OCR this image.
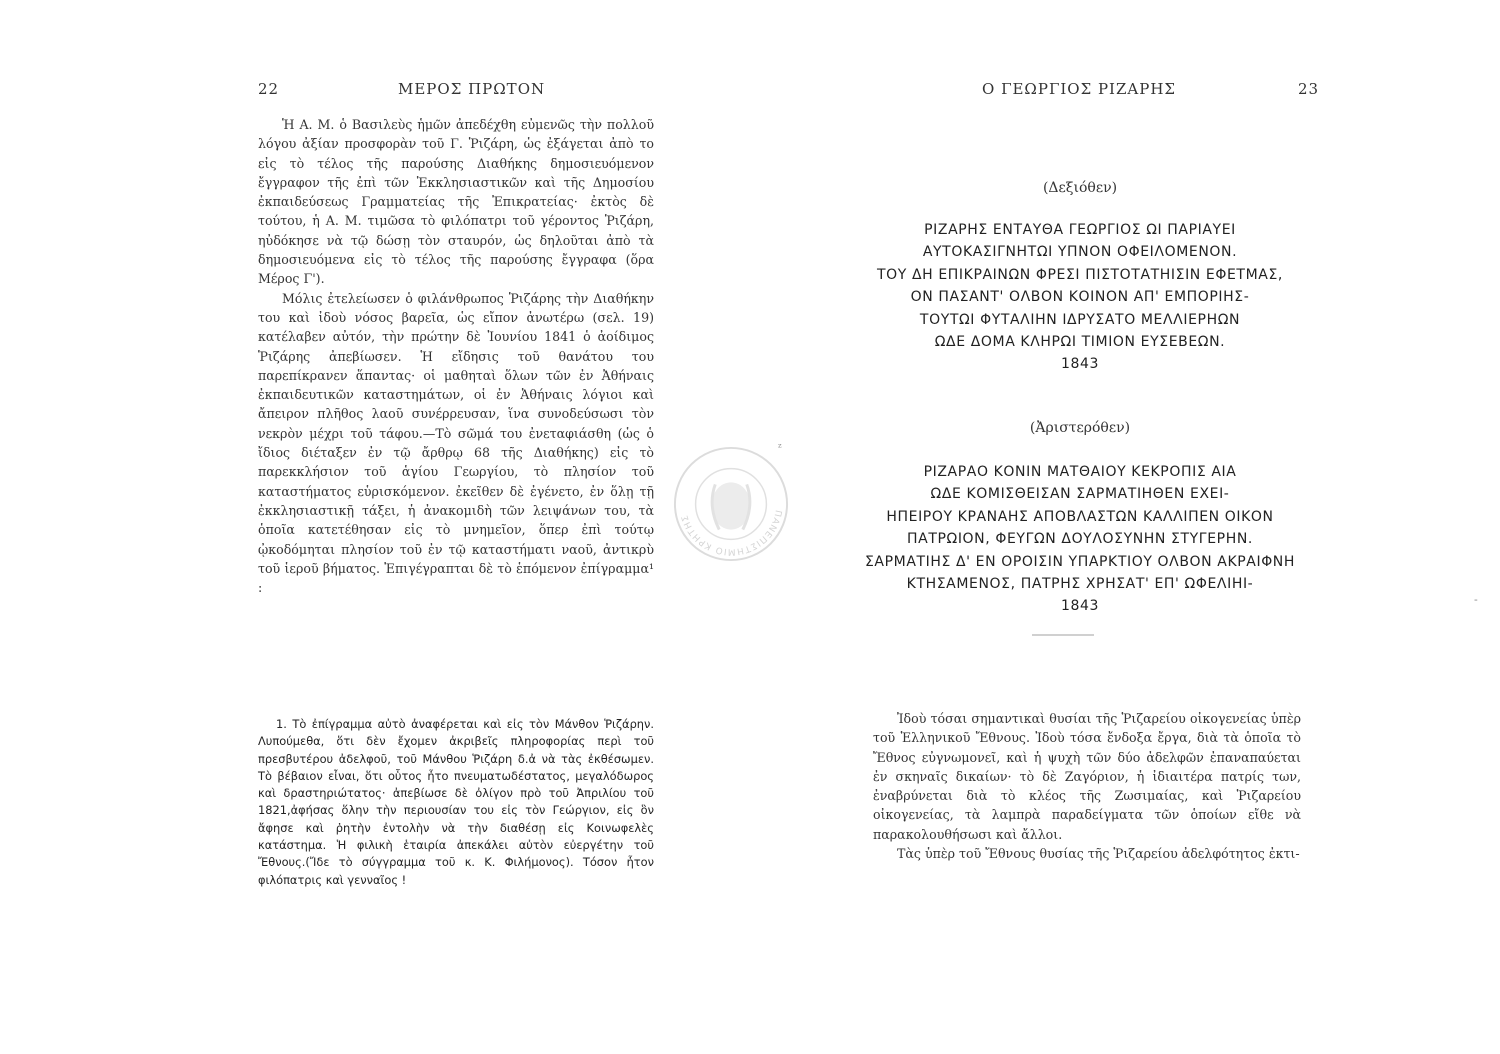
22	ΜΕΡΟΣ ΠΡΩΤΟΝ

Ἡ Α. Μ. ὁ Βασιλεὺς ἡμῶν ἀπεδέχθη εὐμενῶς τὴν πολλοῦ λόγου ἀξίαν προσφορὰν τοῦ Γ. Ῥιζάρη, ὡς ἐξάγεται ἀπὸ το εἰς τὸ τέλος τῆς παρούσης Διαθήκης δημοσιευόμενον ἔγγραφον τῆς ἐπὶ τῶν Ἐκκλησιαστικῶν καὶ τῆς Δημοσίου ἐκπαιδεύσεως Γραμματείας τῆς Ἐπικρατείας· ἐκτὸς δὲ τούτου, ἡ Α. Μ. τιμῶσα τὸ φιλόπατρι τοῦ γέροντος Ῥιζάρη, ηὐδόκησε νὰ τῷ δώσῃ τὸν σταυρόν, ὡς δηλοῦται ἀπὸ τὰ δημοσιευόμενα εἰς τὸ τέλος τῆς παρούσης ἔγγραφα (ὅρα Μέρος Γ').

Μόλις ἐτελείωσεν ὁ φιλάνθρωπος Ῥιζάρης τὴν Διαθήκην του καὶ ἰδοὺ νόσος βαρεῖα, ὡς εἴπον ἀνωτέρω (σελ. 19) κατέλαβεν αὐτόν, τὴν πρώτην δὲ Ἰουνίου 1841 ὁ ἀοίδιμος Ῥιζάρης ἀπεβίωσεν. Ἡ εἴδησις τοῦ θανάτου του παρεπίκρανεν ἅπαντας· οἱ μαθηταὶ ὅλων τῶν ἐν Ἀθήναις ἐκπαιδευτικῶν καταστημάτων, οἱ ἐν Ἀθήναις λόγιοι καὶ ἄπειρον πλῆθος λαοῦ συνέρρευσαν, ἵνα συνοδεύσωσι τὸν νεκρὸν μέχρι τοῦ τάφου.—Τὸ σῶμά του ἐνεταφιάσθη (ὡς ὁ ἴδιος διέταξεν ἐν τῷ ἄρθρῳ 68 τῆς Διαθήκης) εἰς τὸ παρεκκλήσιον τοῦ ἁγίου Γεωργίου, τὸ πλησίον τοῦ καταστήματος εὑρισκόμενον. ἐκεῖθεν δὲ ἐγένετο, ἐν ὅλῃ τῇ ἐκκλησιαστικῇ τάξει, ἡ ἀνακομιδὴ τῶν λειψάνων του, τὰ ὁποῖα κατετέθησαν εἰς τὸ μνημεῖον, ὅπερ ἐπὶ τούτῳ ᾠκοδόμηται πλησίον τοῦ ἐν τῷ καταστήματι ναοῦ, ἀντικρὺ τοῦ ἱεροῦ βήματος. Ἐπιγέγραπται δὲ τὸ ἑπόμενον ἐπίγραμμα¹ :

1. Τὸ ἐπίγραμμα αὐτὸ ἀναφέρεται καὶ εἰς τὸν Μάνθον Ῥιζάρην. Λυπούμεθα, ὅτι δὲν ἔχομεν ἀκριβεῖς πληροφορίας περὶ τοῦ πρεσβυτέρου ἀδελφοῦ, τοῦ Μάνθου Ῥιζάρη δ.ἀ νὰ τὰς ἐκθέσωμεν. Τὸ βέβαιον εἶναι, ὅτι οὗτος ἦτο πνευματωδέστατος, μεγαλόδωρος καὶ δραστηριώτατος· ἀπεβίωσε δὲ ὀλίγον πρὸ τοῦ Ἀπριλίου τοῦ 1821,ἀφήσας ὅλην τὴν περιουσίαν του εἰς τὸν Γεώργιον, εἰς ὃν ἄφησε καὶ ῥητὴν ἐντολὴν νὰ τὴν διαθέσῃ εἰς Κοινωφελὲς κατάστημα. Ἡ φιλικὴ ἑταιρία ἀπεκάλει αὐτὸν εὐεργέτην τοῦ Ἔθνους.(Ἴδε τὸ σύγγραμμα τοῦ κ. Κ. Φιλήμονος). Τόσον ἦτον φιλόπατρις καὶ γενναῖος !

ΠΑΝΕΠΙΣΤΗΜΙΟ ΚΡΗΤΗΣ
ᶻ
-
Ο ΓΕΩΡΓΙΟΣ ΡΙΖΑΡΗΣ	23
(Δεξιόθεν)
ΡΙΖΑΡΗΣ ΕΝΤΑΥΘΑ ΓΕΩΡΓΙΟΣ ΩΙ ΠΑΡΙΑΥΕΙ
ΑΥΤΟΚΑΣΙΓΝΗΤΩΙ ΥΠΝΟΝ ΟΦΕΙΛΟΜΕΝΟΝ.
ΤΟΥ ΔΗ ΕΠΙΚΡΑΙΝΩΝ ΦΡΕΣΙ ΠΙΣΤΟΤΑΤΗΙΣΙΝ ΕΦΕΤΜΑΣ,
ΟΝ ΠΑΣΑΝΤ' ΟΛΒΟΝ ΚΟΙΝΟΝ ΑΠ' ΕΜΠΟΡΙΗΣ-
ΤΟΥΤΩΙ ΦΥΤΑΛΙΗΝ ΙΔΡΥΣΑΤΟ ΜΕΛΛΙΕΡΗΩΝ
ΩΔΕ ΔΟΜΑ ΚΛΗΡΩΙ ΤΙΜΙΟΝ ΕΥΣΕΒΕΩΝ.
1843
(Ἀριστερόθεν)
ΡΙΖΑΡΑΟ ΚΟΝΙΝ ΜΑΤΘΑΙΟΥ ΚΕΚΡΟΠΙΣ ΑΙΑ
ΩΔΕ ΚΟΜΙΣΘΕΙΣΑΝ ΣΑΡΜΑΤΙΗΘΕΝ ΕΧΕΙ-
ΗΠΕΙΡΟΥ ΚΡΑΝΑΗΣ ΑΠΟΒΛΑΣΤΩΝ ΚΑΛΛΙΠΕΝ ΟΙΚΟΝ
ΠΑΤΡΩΙΟΝ, ΦΕΥΓΩΝ ΔΟΥΛΟΣΥΝΗΝ ΣΤΥΓΕΡΗΝ.
ΣΑΡΜΑΤΙΗΣ Δ' ΕΝ ΟΡΟΙΣΙΝ ΥΠΑΡΚΤΙΟΥ ΟΛΒΟΝ ΑΚΡΑΙΦΝΗ
ΚΤΗΣΑΜΕΝΟΣ, ΠΑΤΡΗΣ ΧΡΗΣΑΤ' ΕΠ' ΩΦΕΛΙΗΙ-
1843

Ἰδοὺ τόσαι σημαντικαὶ θυσίαι τῆς Ῥιζαρείου οἰκογενείας ὑπὲρ τοῦ Ἑλληνικοῦ Ἔθνους. Ἰδοὺ τόσα ἔνδοξα ἔργα, διὰ τὰ ὁποῖα τὸ Ἔθνος εὐγνωμονεῖ, καὶ ἡ ψυχὴ τῶν δύο ἀδελφῶν ἐπαναπαύεται ἐν σκηναῖς δικαίων· τὸ δὲ Ζαγόριον, ἡ ἰδιαιτέρα πατρίς των, ἐναβρύνεται διὰ τὸ κλέος τῆς Ζωσιμαίας, καὶ Ῥιζαρείου οἰκογενείας, τὰ λαμπρὰ παραδείγματα τῶν ὁποίων εἴθε νὰ παρακολουθήσωσι καὶ ἄλλοι.

Τὰς ὑπὲρ τοῦ Ἔθνους θυσίας τῆς Ῥιζαρείου ἀδελφότητος ἐκτι-
